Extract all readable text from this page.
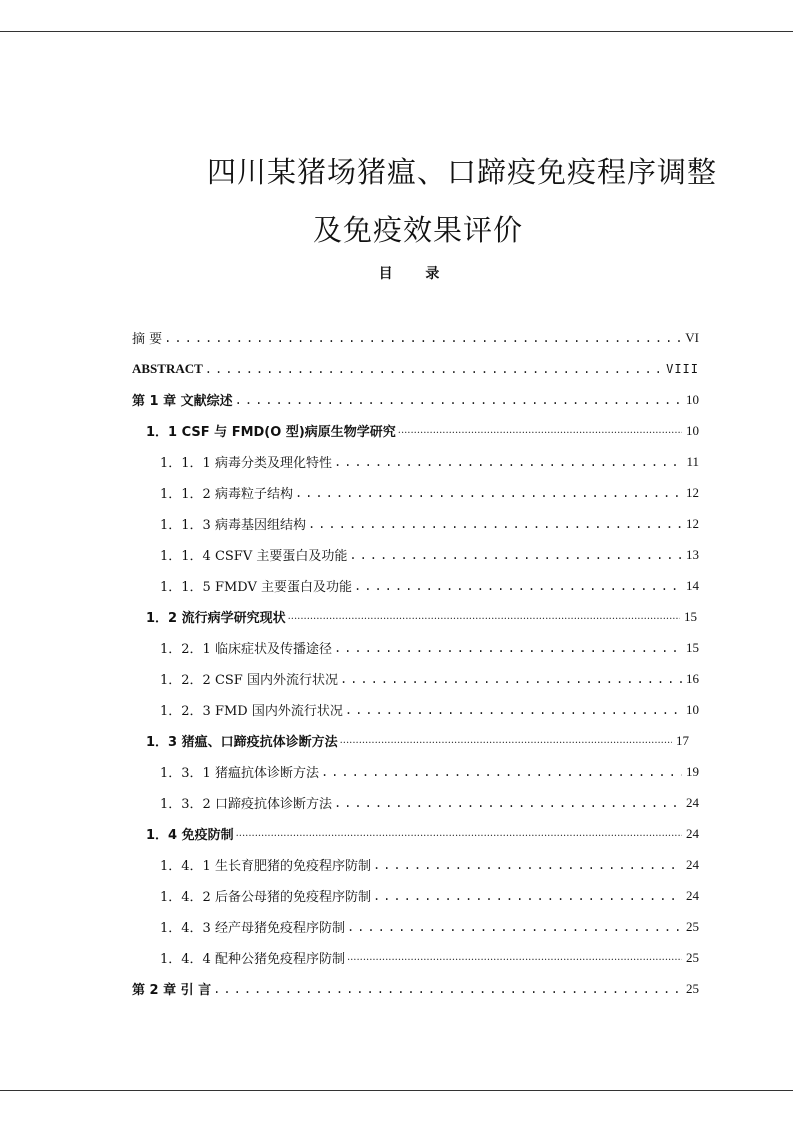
四川某猪场猪瘟、口蹄疫免疫程序调整
及免疫效果评价
目 录
摘 要 .....	VI
ABSTRACT .....	VIII
第 1 章 文献综述 .....	10
1．1 CSF 与 FMD(O 型)病原生物学研究 .....	10
1．1．1 病毒分类及理化特性 .....	11
1．1．2 病毒粒子结构 .....	12
1．1．3 病毒基因组结构 .....	12
1．1．4 CSFV 主要蛋白及功能 .....	13
1．1．5 FMDV 主要蛋白及功能 .....	14
1．2 流行病学研究现状 .....	15
1．2．1 临床症状及传播途径 .....	15
1．2．2 CSF 国内外流行状况 .....	16
1．2．3 FMD 国内外流行状况 .....	10
1．3 猪瘟、口蹄疫抗体诊断方法 .....	17
1．3．1 猪瘟抗体诊断方法 .....	19
1．3．2 口蹄疫抗体诊断方法 .....	24
1．4 免疫防制 .....	24
1．4．1 生长育肥猪的免疫程序防制 .....	24
1．4．2 后备公母猪的免疫程序防制 .....	24
1．4．3 经产母猪免疫程序防制 .....	25
1．4．4 配种公猪免疫程序防制 .....	25
第 2 章 引 言 .....	25
